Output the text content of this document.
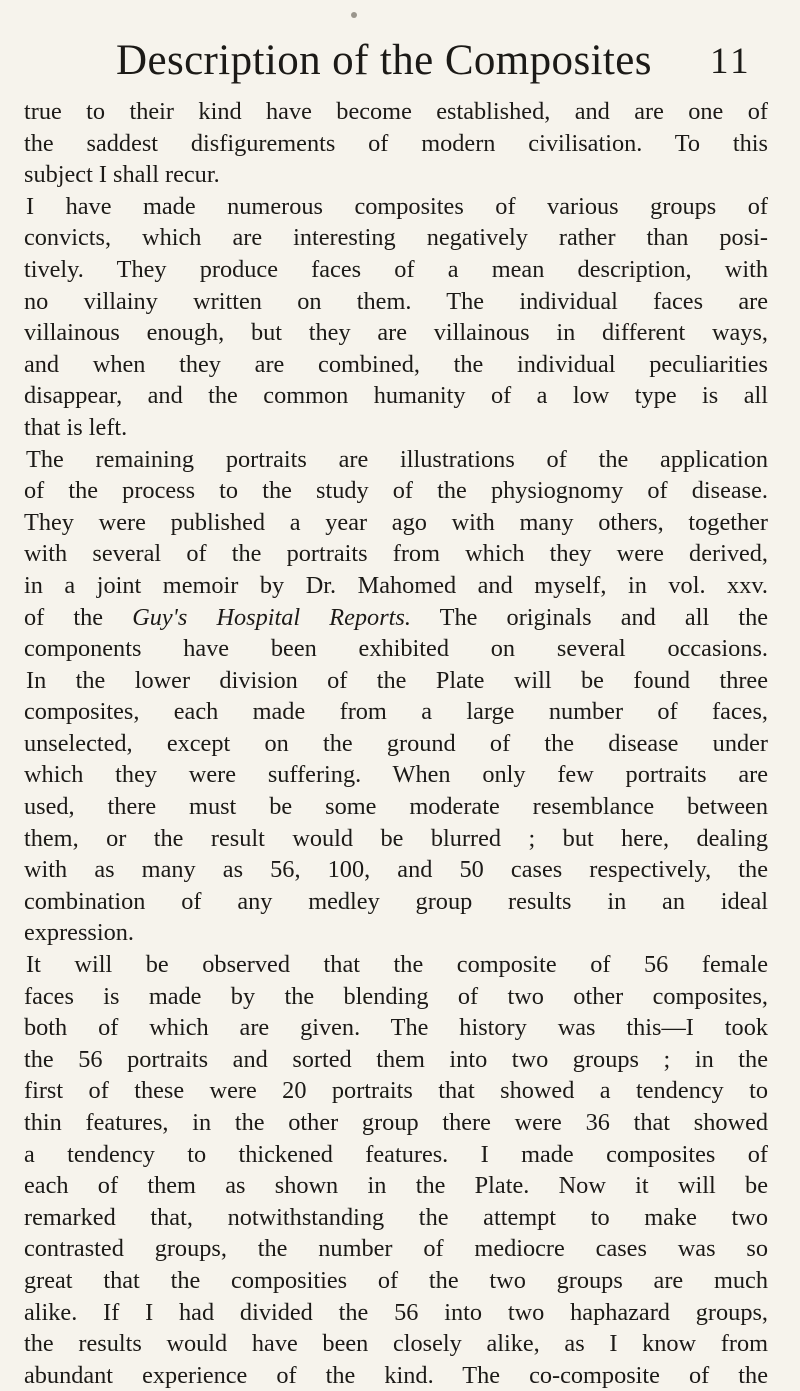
Description of the Composites 11
true to their kind have become established, and are one of
the saddest disfigurements of modern civilisation. To this
subject I shall recur.
I have made numerous composites of various groups of
convicts, which are interesting negatively rather than posi-
tively. They produce faces of a mean description, with
no villainy written on them. The individual faces are
villainous enough, but they are villainous in different ways,
and when they are combined, the individual peculiarities
disappear, and the common humanity of a low type is all
that is left.
The remaining portraits are illustrations of the application
of the process to the study of the physiognomy of disease.
They were published a year ago with many others, together
with several of the portraits from which they were derived,
in a joint memoir by Dr. Mahomed and myself, in vol. xxv.
of the Guy's Hospital Reports. The originals and all the
components have been exhibited on several occasions.
In the lower division of the Plate will be found three
composites, each made from a large number of faces,
unselected, except on the ground of the disease under
which they were suffering. When only few portraits are
used, there must be some moderate resemblance between
them, or the result would be blurred ; but here, dealing
with as many as 56, 100, and 50 cases respectively, the
combination of any medley group results in an ideal
expression.
It will be observed that the composite of 56 female
faces is made by the blending of two other composites,
both of which are given. The history was this—I took
the 56 portraits and sorted them into two groups ; in the
first of these were 20 portraits that showed a tendency to
thin features, in the other group there were 36 that showed
a tendency to thickened features. I made composites of
each of them as shown in the Plate. Now it will be
remarked that, notwithstanding the attempt to make two
contrasted groups, the number of mediocre cases was so
great that the composities of the two groups are much
alike. If I had divided the 56 into two haphazard groups,
the results would have been closely alike, as I know from
abundant experience of the kind. The co-composite of the
